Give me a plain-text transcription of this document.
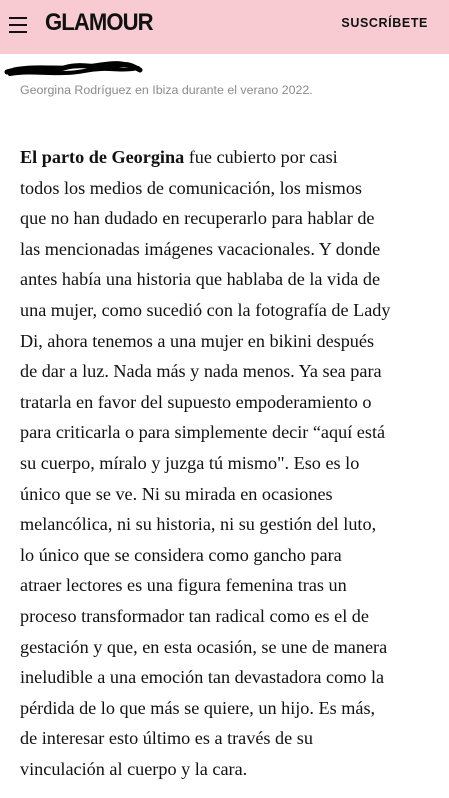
GLAMOUR	SUSCRÍBETE
Georgina Rodríguez en Ibiza durante el verano 2022.
El parto de Georgina fue cubierto por casi
todos los medios de comunicación, los mismos
que no han dudado en recuperarlo para hablar de
las mencionadas imágenes vacacionales. Y donde
antes había una historia que hablaba de la vida de
una mujer, como sucedió con la fotografía de Lady
Di, ahora tenemos a una mujer en bikini después
de dar a luz. Nada más y nada menos. Ya sea para
tratarla en favor del supuesto empoderamiento o
para criticarla o para simplemente decir “aquí está
su cuerpo, míralo y juzga tú mismo". Eso es lo
único que se ve. Ni su mirada en ocasiones
melancólica, ni su historia, ni su gestión del luto,
lo único que se considera como gancho para
atraer lectores es una figura femenina tras un
proceso transformador tan radical como es el de
gestación y que, en esta ocasión, se une de manera
ineludible a una emoción tan devastadora como la
pérdida de lo que más se quiere, un hijo. Es más,
de interesar esto último es a través de su
vinculación al cuerpo y la cara.
